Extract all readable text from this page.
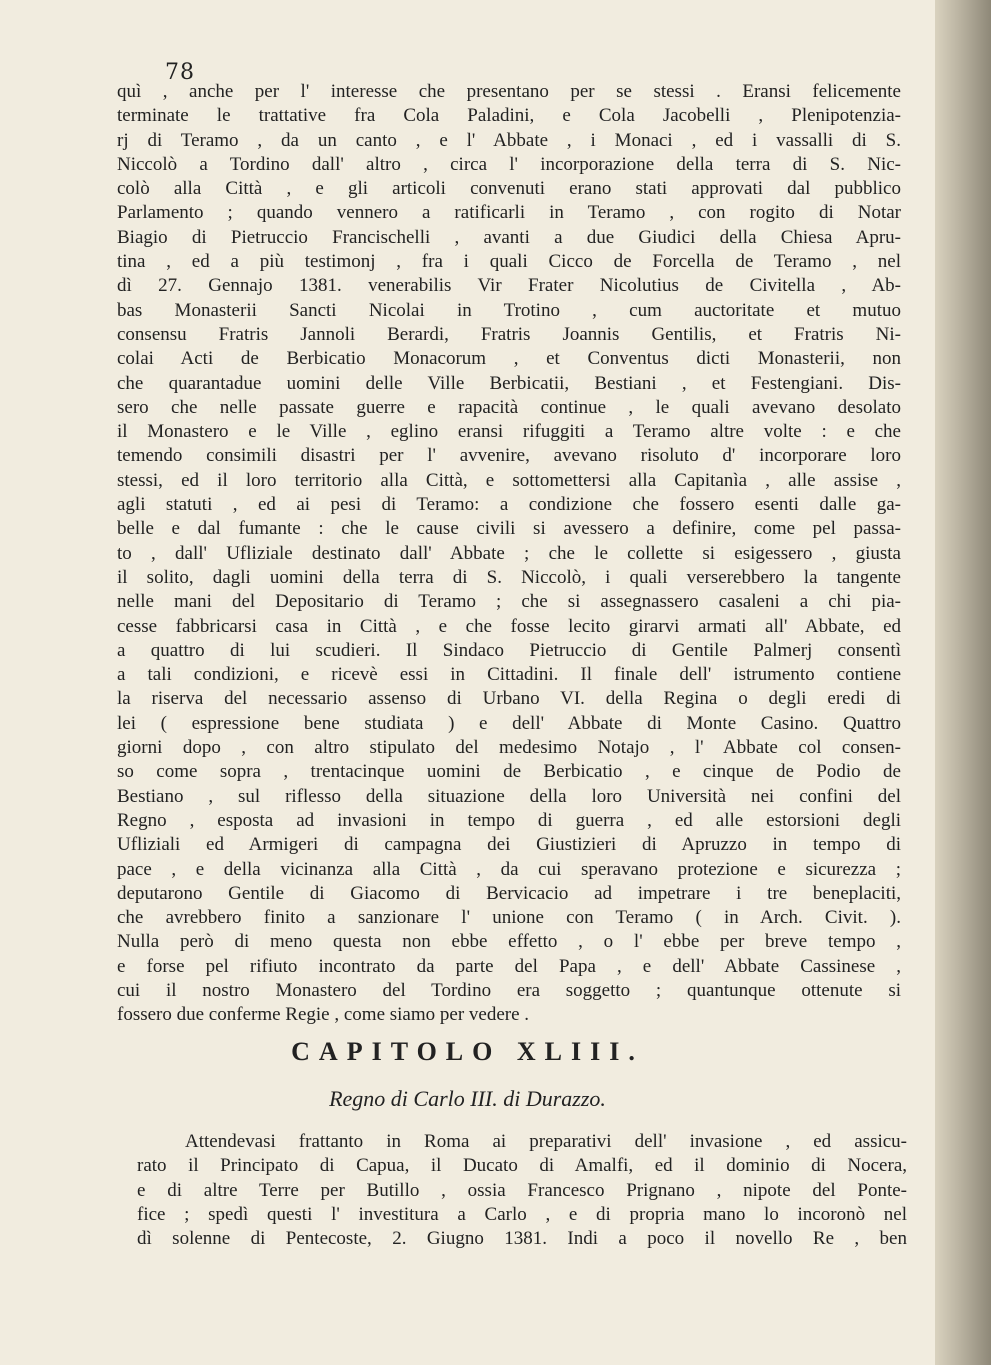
78
quì , anche per l' interesse che presentano per se stessi . Eransi felicemente
terminate le trattative fra Cola Paladini, e Cola Jacobelli , Plenipotenzia-
rj di Teramo , da un canto , e l' Abbate , i Monaci , ed i vassalli di S.
Niccolò a Tordino dall' altro , circa l' incorporazione della terra di S. Nic-
colò alla Città , e gli articoli convenuti erano stati approvati dal pubblico
Parlamento ; quando vennero a ratificarli in Teramo , con rogito di Notar
Biagio di Pietruccio Francischelli , avanti a due Giudici della Chiesa Apru-
tina , ed a più testimonj , fra i quali Cicco de Forcella de Teramo , nel
dì 27. Gennajo 1381. venerabilis Vir Frater Nicolutius de Civitella , Ab-
bas Monasterii Sancti Nicolai in Trotino , cum auctoritate et mutuo
consensu Fratris Jannoli Berardi, Fratris Joannis Gentilis, et Fratris Ni-
colai Acti de Berbicatio Monacorum , et Conventus dicti Monasterii, non
che quarantadue uomini delle Ville Berbicatii, Bestiani , et Festengiani. Dis-
sero che nelle passate guerre e rapacità continue , le quali avevano desolato
il Monastero e le Ville , eglino eransi rifuggiti a Teramo altre volte : e che
temendo consimili disastri per l' avvenire, avevano risoluto d' incorporare loro
stessi, ed il loro territorio alla Città, e sottomettersi alla Capitanìa , alle assise ,
agli statuti , ed ai pesi di Teramo: a condizione che fossero esenti dalle ga-
belle e dal fumante : che le cause civili si avessero a definire, come pel passa-
to , dall' Ufliziale destinato dall' Abbate ; che le collette si esigessero , giusta
il solito, dagli uomini della terra di S. Niccolò, i quali verserebbero la tangente
nelle mani del Depositario di Teramo ; che si assegnassero casaleni a chi pia-
cesse fabbricarsi casa in Città , e che fosse lecito girarvi armati all' Abbate, ed
a quattro di lui scudieri. Il Sindaco Pietruccio di Gentile Palmerj consentì
a tali condizioni, e ricevè essi in Cittadini. Il finale dell' istrumento contiene
la riserva del necessario assenso di Urbano VI. della Regina o degli eredi di
lei ( espressione bene studiata ) e dell' Abbate di Monte Casino. Quattro
giorni dopo , con altro stipulato del medesimo Notajo , l' Abbate col consen-
so come sopra , trentacinque uomini de Berbicatio , e cinque de Podio de
Bestiano , sul riflesso della situazione della loro Università nei confini del
Regno , esposta ad invasioni in tempo di guerra , ed alle estorsioni degli
Ufliziali ed Armigeri di campagna dei Giustizieri di Apruzzo in tempo di
pace , e della vicinanza alla Città , da cui speravano protezione e sicurezza ;
deputarono Gentile di Giacomo di Bervicacio ad impetrare i tre beneplaciti,
che avrebbero finito a sanzionare l' unione con Teramo ( in Arch. Civit. ).
Nulla però di meno questa non ebbe effetto , o l' ebbe per breve tempo ,
e forse pel rifiuto incontrato da parte del Papa , e dell' Abbate Cassinese ,
cui il nostro Monastero del Tordino era soggetto ; quantunque ottenute si
fossero due conferme Regie , come siamo per vedere .
CAPITOLO XLIII.
Regno di Carlo III. di Durazzo.
Attendevasi frattanto in Roma ai preparativi dell' invasione , ed assicu-
rato il Principato di Capua, il Ducato di Amalfi, ed il dominio di Nocera,
e di altre Terre per Butillo , ossia Francesco Prignano , nipote del Ponte-
fice ; spedì questi l' investitura a Carlo , e di propria mano lo incoronò nel
dì solenne di Pentecoste, 2. Giugno 1381. Indi a poco il novello Re , ben
